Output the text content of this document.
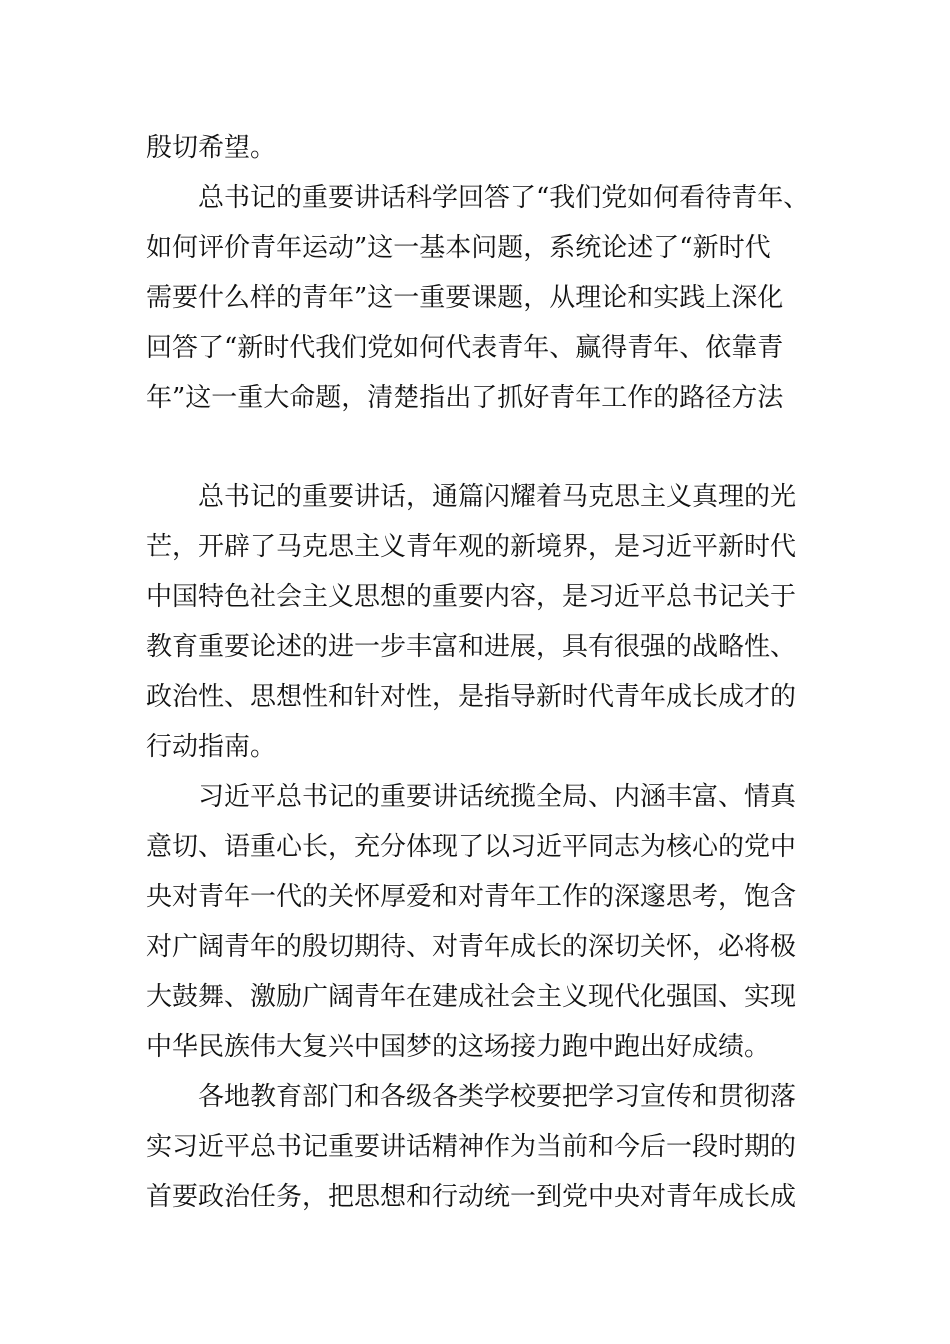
殷切希望。

总书记的重要讲话科学回答了“我们党如何看待青年、

如何评价青年运动”这一基本问题，系统论述了“新时代

需要什么样的青年”这一重要课题，从理论和实践上深化

回答了“新时代我们党如何代表青年、赢得青年、依靠青

年”这一重大命题，清楚指出了抓好青年工作的路径方法

总书记的重要讲话，通篇闪耀着马克思主义真理的光

芒，开辟了马克思主义青年观的新境界，是习近平新时代

中国特色社会主义思想的重要内容，是习近平总书记关于

教育重要论述的进一步丰富和进展，具有很强的战略性、

政治性、思想性和针对性，是指导新时代青年成长成才的

行动指南。

习近平总书记的重要讲话统揽全局、内涵丰富、情真

意切、语重心长，充分体现了以习近平同志为核心的党中

央对青年一代的关怀厚爱和对青年工作的深邃思考，饱含

对广阔青年的殷切期待、对青年成长的深切关怀，必将极

大鼓舞、激励广阔青年在建成社会主义现代化强国、实现

中华民族伟大复兴中国梦的这场接力跑中跑出好成绩。

各地教育部门和各级各类学校要把学习宣传和贯彻落

实习近平总书记重要讲话精神作为当前和今后一段时期的

首要政治任务，把思想和行动统一到党中央对青年成长成
